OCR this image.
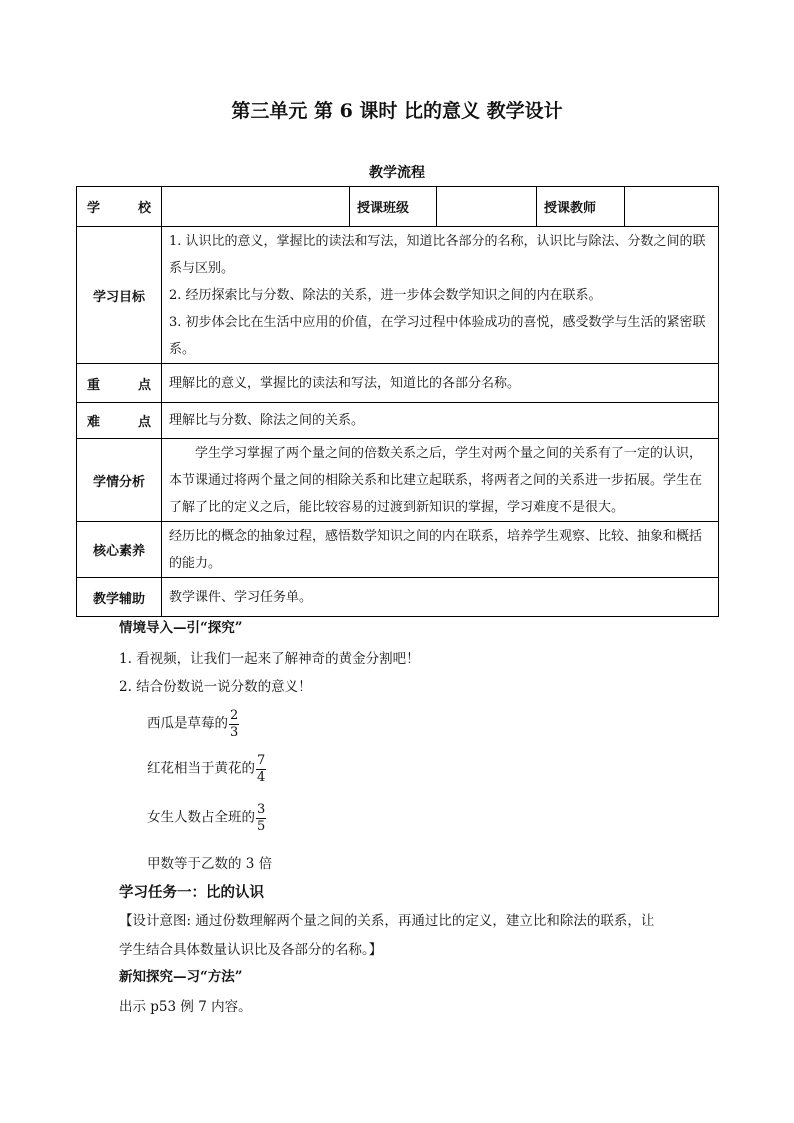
第三单元 第 6 课时 比的意义 教学设计
教学流程
学 校		授课班级		授课教师	
学习目标	1. 认识比的意义，掌握比的读法和写法，知道比各部分的名称，认识比与除法、分数之间的联系与区别。
2. 经历探索比与分数、除法的关系，进一步体会数学知识之间的内在联系。
3. 初步体会比在生活中应用的价值，在学习过程中体验成功的喜悦，感受数学与生活的紧密联系。				

重 点	理解比的意义，掌握比的读法和写法，知道比的各部分名称。				

难 点	理解比与分数、除法之间的关系。				
学情分析	学生学习掌握了两个量之间的倍数关系之后，学生对两个量之间的关系有了一定的认识，本节课通过将两个量之间的相除关系和比建立起联系，将两者之间的关系进一步拓展。学生在了解了比的定义之后，能比较容易的过渡到新知识的掌握，学习难度不是很大。				
核心素养	经历比的概念的抽象过程，感悟数学知识之间的内在联系，培养学生观察、比较、抽象和概括的能力。				
教学辅助	教学课件、学习任务单。				
情境导入—引“探究”
1. 看视频，让我们一起来了解神奇的黄金分割吧！
2. 结合份数说一说分数的意义！
西瓜是草莓的 $\frac{2}{3}$
红花相当于黄花的 $\frac{7}{4}$
女生人数占全班的 $\frac{3}{5}$
甲数等于乙数的 3 倍
学习任务一：比的认识
【设计意图: 通过份数理解两个量之间的关系，再通过比的定义，建立比和除法的联系，让
学生结合具体数量认识比及各部分的名称。】
新知探究—习“方法”
出示 p53 例 7 内容。
